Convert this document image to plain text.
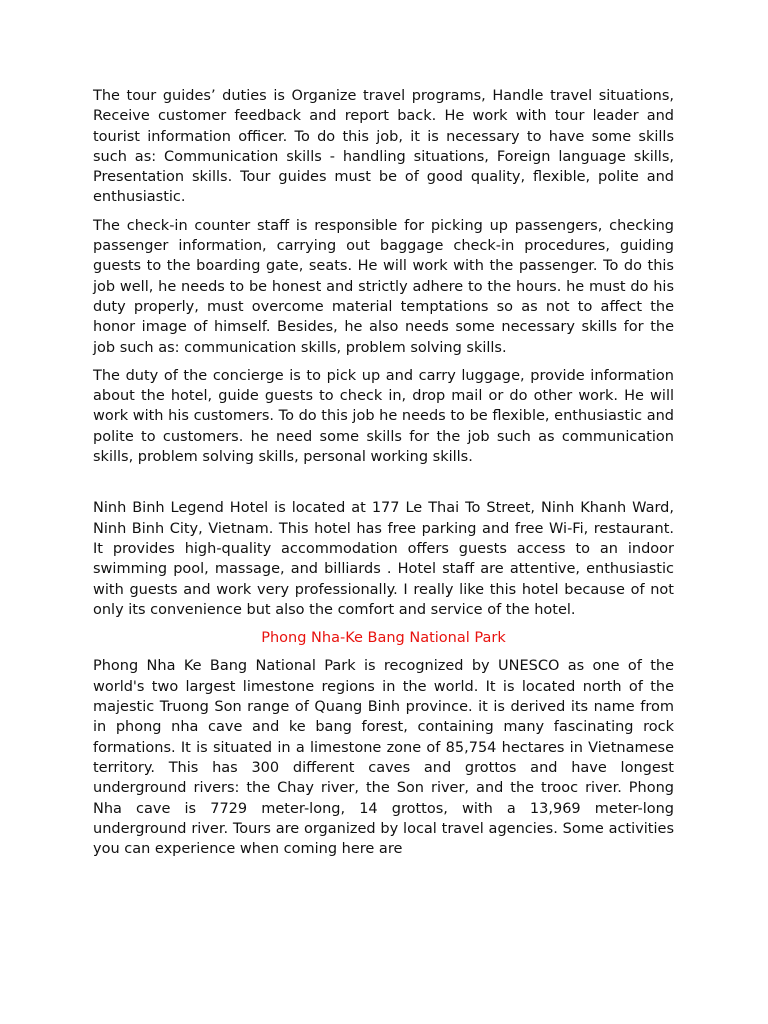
The tour guides’ duties is Organize travel programs, Handle travel situations, Receive customer feedback and report back. He work with tour leader and tourist information officer. To do this job, it is necessary to have some skills such as: Communication skills - handling situations, Foreign language skills, Presentation skills. Tour guides must be of good quality, flexible, polite and enthusiastic.

The check-in counter staff is responsible for picking up passengers, checking passenger information, carrying out baggage check-in procedures, guiding guests to the boarding gate, seats. He will work with the passenger. To do this job well, he needs to be honest and strictly adhere to the hours. he must do his duty properly, must overcome material temptations so as not to affect the honor image of himself. Besides, he also needs some necessary skills for the job such as: communication skills, problem solving skills.

The duty of the concierge is to pick up and carry luggage, provide information about the hotel, guide guests to check in, drop mail or do other work. He will work with his customers. To do this job he needs to be flexible, enthusiastic and polite to customers. he need some skills for the job such as communication skills, problem solving skills, personal working skills.

Ninh Binh Legend Hotel is located at 177 Le Thai To Street, Ninh Khanh Ward, Ninh Binh City, Vietnam. This hotel has free parking and free Wi-Fi, restaurant. It provides high-quality accommodation offers guests access to an indoor swimming pool, massage, and billiards . Hotel staff are attentive, enthusiastic with guests and work very professionally. I really like this hotel because of not only its convenience but also the comfort and service of the hotel.

Phong Nha-Ke Bang National Park

Phong Nha Ke Bang National Park is recognized by UNESCO as one of the world's two largest limestone regions in the world. It is located north of the majestic Truong Son range of Quang Binh province. it is derived its name from in phong nha cave and ke bang forest, containing many fascinating rock formations. It is situated in a limestone zone of 85,754 hectares in Vietnamese territory. This has 300 different caves and grottos and have longest underground rivers: the Chay river, the Son river, and the trooc river. Phong Nha cave is 7729 meter-long, 14 grottos, with a 13,969 meter-long underground river. Tours are organized by local travel agencies. Some activities you can experience when coming here are
